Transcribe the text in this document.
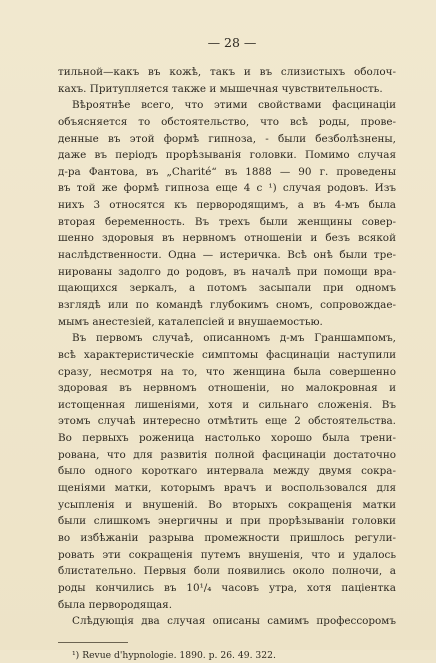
— 28 —
тильной—какъ въ кожѣ, такъ и въ слизистыхъ оболоч-
кахъ. Притупляется также и мышечная чувствительность.
Вѣроятнѣе всего, что этими свойствами фасцинаціи
объясняется то обстоятельство, что всѣ роды, прове-
денные въ этой формѣ гипноза, - были безболѣзнены,
даже въ періодъ прорѣзыванія головки. Помимо случая
д-ра Фантова, въ „Charité“ въ 1888 — 90 г. проведены
въ той же формѣ гипноза еще 4 с ¹) случая родовъ. Изъ
нихъ 3 относятся къ первородящимъ, а въ 4-мъ была
вторая беременность. Въ трехъ были женщины совер-
шенно здоровыя въ нервномъ отношеніи и безъ всякой
наслѣдственности. Одна — истеричка. Всѣ онѣ были тре-
нированы задолго до родовъ, въ началѣ при помощи вра-
щающихся зеркалъ, а потомъ засыпали при одномъ
взглядѣ или по командѣ глубокимъ сномъ, сопровождае-
мымъ анестезіей, каталепсіей и внушаемостью.
Въ первомъ случаѣ, описанномъ д-мъ Граншампомъ,
всѣ характеристическіе симптомы фасцинаціи наступили
сразу, несмотря на то, что женщина была совершенно
здоровая въ нервномъ отношеніи, но малокровная и
истощенная лишеніями, хотя и сильнаго сложенія. Въ
этомъ случаѣ интересно отмѣтить еще 2 обстоятельства.
Во первыхъ роженица настолько хорошо была трени-
рована, что для развитія полной фасцинаціи достаточно
было одного короткаго интервала между двумя сокра-
щеніями матки, которымъ врачъ и воспользовался для
усыпленія и внушеній. Во вторыхъ сокращенія матки
были слишкомъ энергичны и при прорѣзываніи головки
во избѣжаніи разрыва промежности пришлось регули-
ровать эти сокращенія путемъ внушенія, что и удалось
блистательно. Первыя боли появились около полночи, а
роды кончились въ 10¹/₄ часовъ утра, хотя паціентка
была первородящая.
Слѣдующія два случая описаны самимъ профессоромъ
¹) Revue d'hypnologie. 1890. p. 26. 49. 322.
